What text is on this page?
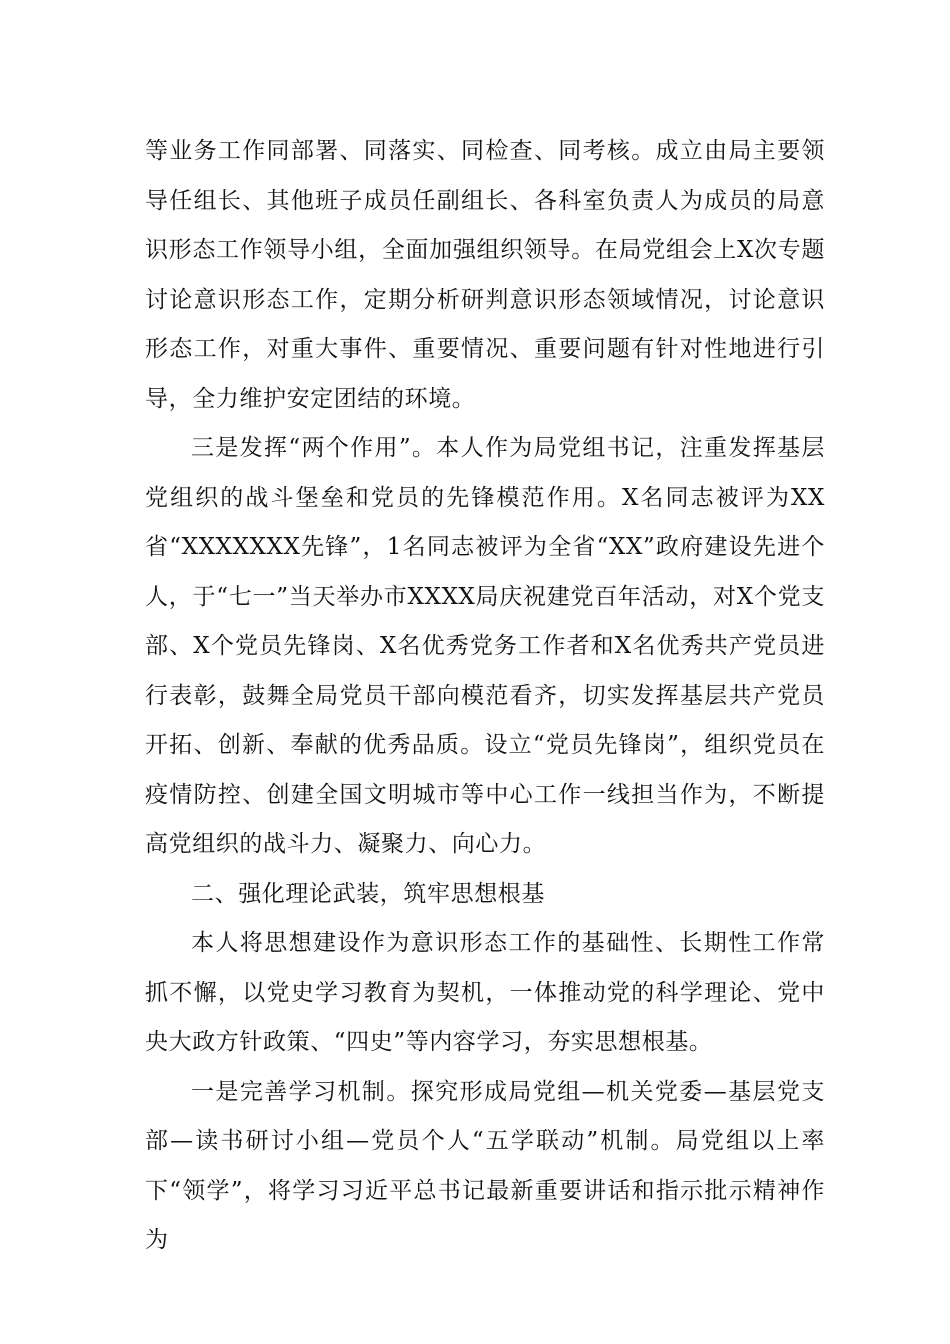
等业务工作同部署、同落实、同检查、同考核。成立由局主要领导任组长、其他班子成员任副组长、各科室负责人为成员的局意识形态工作领导小组，全面加强组织领导。在局党组会上X次专题讨论意识形态工作，定期分析研判意识形态领域情况，讨论意识形态工作，对重大事件、重要情况、重要问题有针对性地进行引导，全力维护安定团结的环境。

三是发挥“两个作用”。本人作为局党组书记，注重发挥基层党组织的战斗堡垒和党员的先锋模范作用。X名同志被评为XX省“XXXXXXX先锋”，1名同志被评为全省“XX”政府建设先进个人，于“七一”当天举办市XXXX局庆祝建党百年活动，对X个党支部、X个党员先锋岗、X名优秀党务工作者和X名优秀共产党员进行表彰，鼓舞全局党员干部向模范看齐，切实发挥基层共产党员开拓、创新、奉献的优秀品质。设立“党员先锋岗”，组织党员在疫情防控、创建全国文明城市等中心工作一线担当作为，不断提高党组织的战斗力、凝聚力、向心力。

二、强化理论武装，筑牢思想根基

本人将思想建设作为意识形态工作的基础性、长期性工作常抓不懈，以党史学习教育为契机，一体推动党的科学理论、党中央大政方针政策、“四史”等内容学习，夯实思想根基。

一是完善学习机制。探究形成局党组—机关党委—基层党支部—读书研讨小组—党员个人“五学联动”机制。局党组以上率下“领学”，将学习习近平总书记最新重要讲话和指示批示精神作为
